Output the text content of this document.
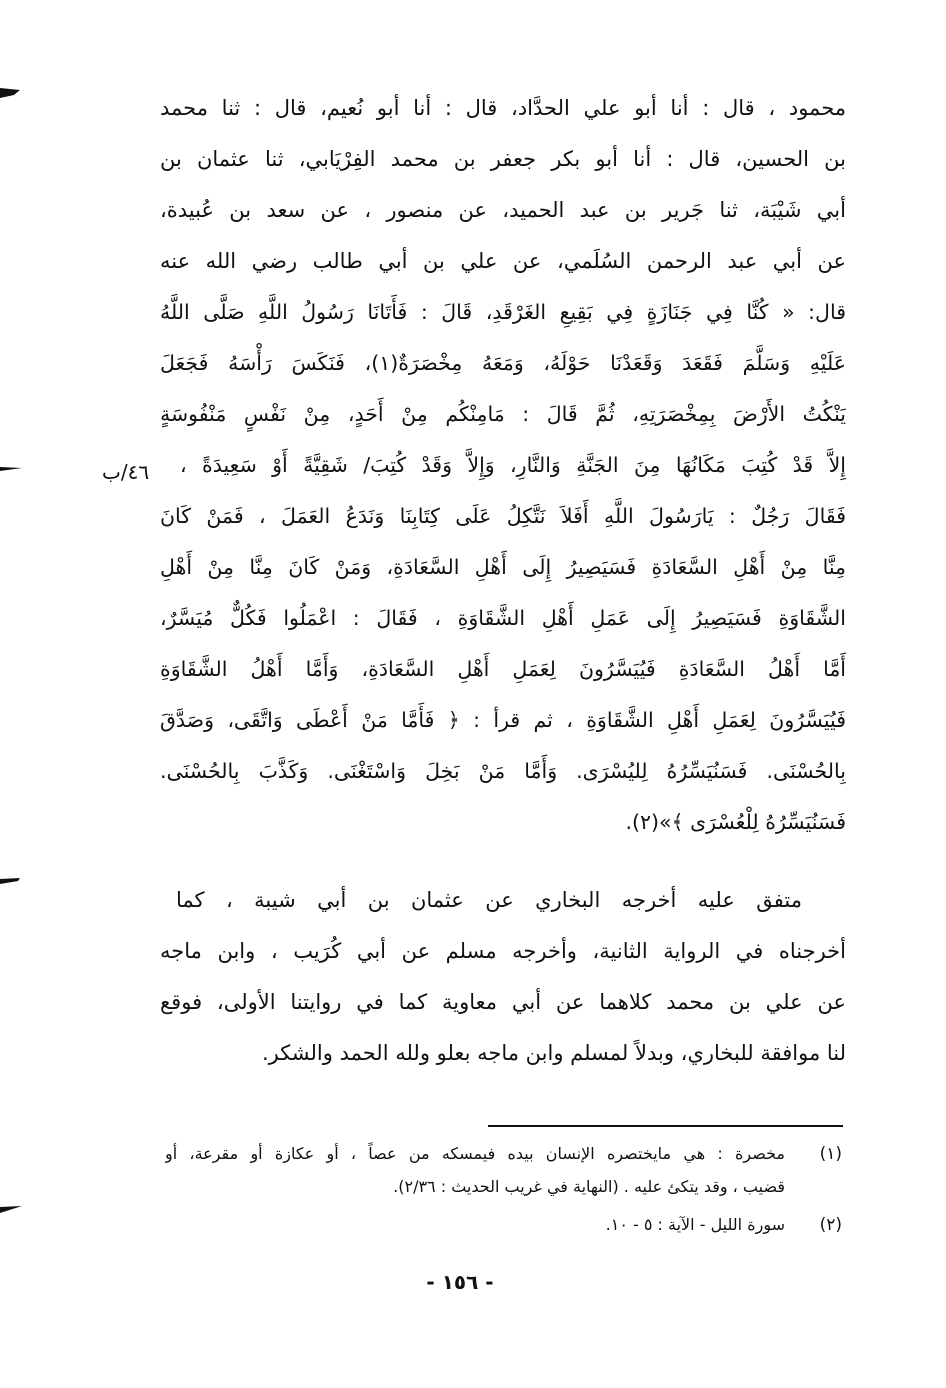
محمود ، قال : أنا أبو علي الحدَّاد، قال : أنا أبو نُعيم، قال : ثنا محمد
بن الحسين، قال : أنا أبو بكر جعفر بن محمد الفِرْيَابي، ثنا عثمان بن
أبي شَيْبَة، ثنا جَرير بن عبد الحميد، عن منصور ، عن سعد بن عُبيدة،
عن أبي عبد الرحمن السُلَمي، عن علي بن أبي طالب رضي الله عنه
قال: « كُنَّا فِي جَنَازَةٍ فِي بَقِيعِ الغَرْقَدِ، قَالَ : فَأَتَانَا رَسُولُ اللَّهِ صَلَّى اللَّهُ
عَلَيْهِ وَسَلَّمَ فَقَعَدَ وَقَعَدْنَا حَوْلَهُ، وَمَعَهُ مِخْصَرَةٌ(١)، فَنَكَسَ رَأْسَهُ فَجَعَلَ
يَنْكُتُ الأَرْضَ بِمِخْصَرَتِهِ، ثُمَّ قَالَ : مَامِنْكُم مِنْ أَحَدٍ، مِنْ نَفْسٍ مَنْفُوسَةٍ
إِلاَّ قَدْ كُتِبَ مَكَانُهَا مِنَ الجَنَّةِ وَالنَّارِ، وَإِلاَّ وَقَدْ كُتِبَ/ شَقِيَّةً أَوْ سَعِيدَةً ،
فَقَالَ رَجُلٌ : يَارَسُولَ اللَّهِ أَفَلاَ نَتَّكِلُ عَلَى كِتَابِنَا وَنَدَعُ العَمَلَ ، فَمَنْ كَانَ
مِنَّا مِنْ أَهْلِ السَّعَادَةِ فَسَيَصِيرُ إِلَى أَهْلِ السَّعَادَةِ، وَمَنْ كَانَ مِنَّا مِنْ أَهْلِ
الشَّقَاوَةِ فَسَيَصِيرُ إِلَى عَمَلِ أَهْلِ الشَّقَاوَةِ ، فَقَالَ : اعْمَلُوا فَكُلٌّ مُيَسَّرٌ،
أَمَّا أَهْلُ السَّعَادَةِ فَيُيَسَّرُونَ لِعَمَلِ أَهْلِ السَّعَادَةِ، وَأَمَّا أَهْلُ الشَّقَاوَةِ
فَيُيَسَّرُونَ لِعَمَلِ أَهْلِ الشَّقَاوَةِ ، ثم قرأ : ﴿ فَأَمَّا مَنْ أَعْطَى وَاتَّقَى، وَصَدَّقَ
بِالحُسْنَى. فَسَنُيَسِّرُهُ لِليُسْرَى. وَأَمَّا مَنْ بَخِلَ وَاسْتَغْنَى. وَكَذَّبَ بِالحُسْنَى.
فَسَنُيَسِّرُهُ لِلْعُسْرَى ﴾»(٢).
٤٦/ب
متفق عليه أخرجه البخاري عن عثمان بن أبي شيبة ، كما
أخرجناه في الرواية الثانية، وأخرجه مسلم عن أبي كُرَيب ، وابن ماجه
عن علي بن محمد كلاهما عن أبي معاوية كما في روايتنا الأولى، فوقع
لنا موافقة للبخاري، وبدلاً لمسلم وابن ماجه بعلو ولله الحمد والشكر.
(١)
مخصرة : هي مايختصره الإنسان بيده فيمسكه من عصاً ، أو عكازة أو مقرعة، أو
قضيب ، وقد يتكئ عليه . (النهاية في غريب الحديث : ٢/٣٦).
(٢)
سورة الليل - الآية : ٥ - ١٠.
- ١٥٦ -
